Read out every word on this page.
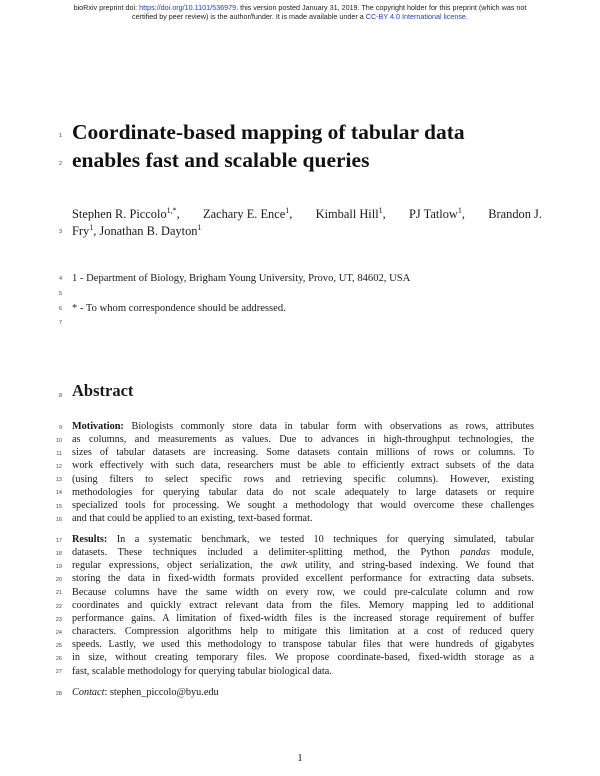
bioRxiv preprint doi: https://doi.org/10.1101/536979. this version posted January 31, 2019. The copyright holder for this preprint (which was not
certified by peer review) is the author/funder. It is made available under a CC-BY 4.0 International license.
1
2
3
4
5
6
7
8
9
10
11
12
13
14
15
16
17
18
19
20
21
22
23
24
25
26
27
28
Coordinate-based mapping of tabular data
enables fast and scalable queries
Stephen R. Piccolo$^{1,*}$, Zachary E. Ence$^1$, Kimball Hill$^1$, PJ Tatlow$^1$, Brandon J.
Fry$^1$, Jonathan B. Dayton$^1$
1 - Department of Biology, Brigham Young University, Provo, UT, 84602, USA
* - To whom correspondence should be addressed.
Abstract
Motivation: Biologists commonly store data in tabular form with observations as rows, attributes
as columns, and measurements as values. Due to advances in high-throughput technologies, the
sizes of tabular datasets are increasing. Some datasets contain millions of rows or columns. To
work effectively with such data, researchers must be able to efficiently extract subsets of the data
(using filters to select specific rows and retrieving specific columns). However, existing
methodologies for querying tabular data do not scale adequately to large datasets or require
specialized tools for processing. We sought a methodology that would overcome these challenges
and that could be applied to an existing, text-based format.
Results: In a systematic benchmark, we tested 10 techniques for querying simulated, tabular
datasets. These techniques included a delimiter-splitting method, the Python pandas module,
regular expressions, object serialization, the awk utility, and string-based indexing. We found that
storing the data in fixed-width formats provided excellent performance for extracting data subsets.
Because columns have the same width on every row, we could pre-calculate column and row
coordinates and quickly extract relevant data from the files. Memory mapping led to additional
performance gains. A limitation of fixed-width files is the increased storage requirement of buffer
characters. Compression algorithms help to mitigate this limitation at a cost of reduced query
speeds. Lastly, we used this methodology to transpose tabular files that were hundreds of gigabytes
in size, without creating temporary files. We propose coordinate-based, fixed-width storage as a
fast, scalable methodology for querying tabular biological data.
Contact: stephen_piccolo@byu.edu
1
